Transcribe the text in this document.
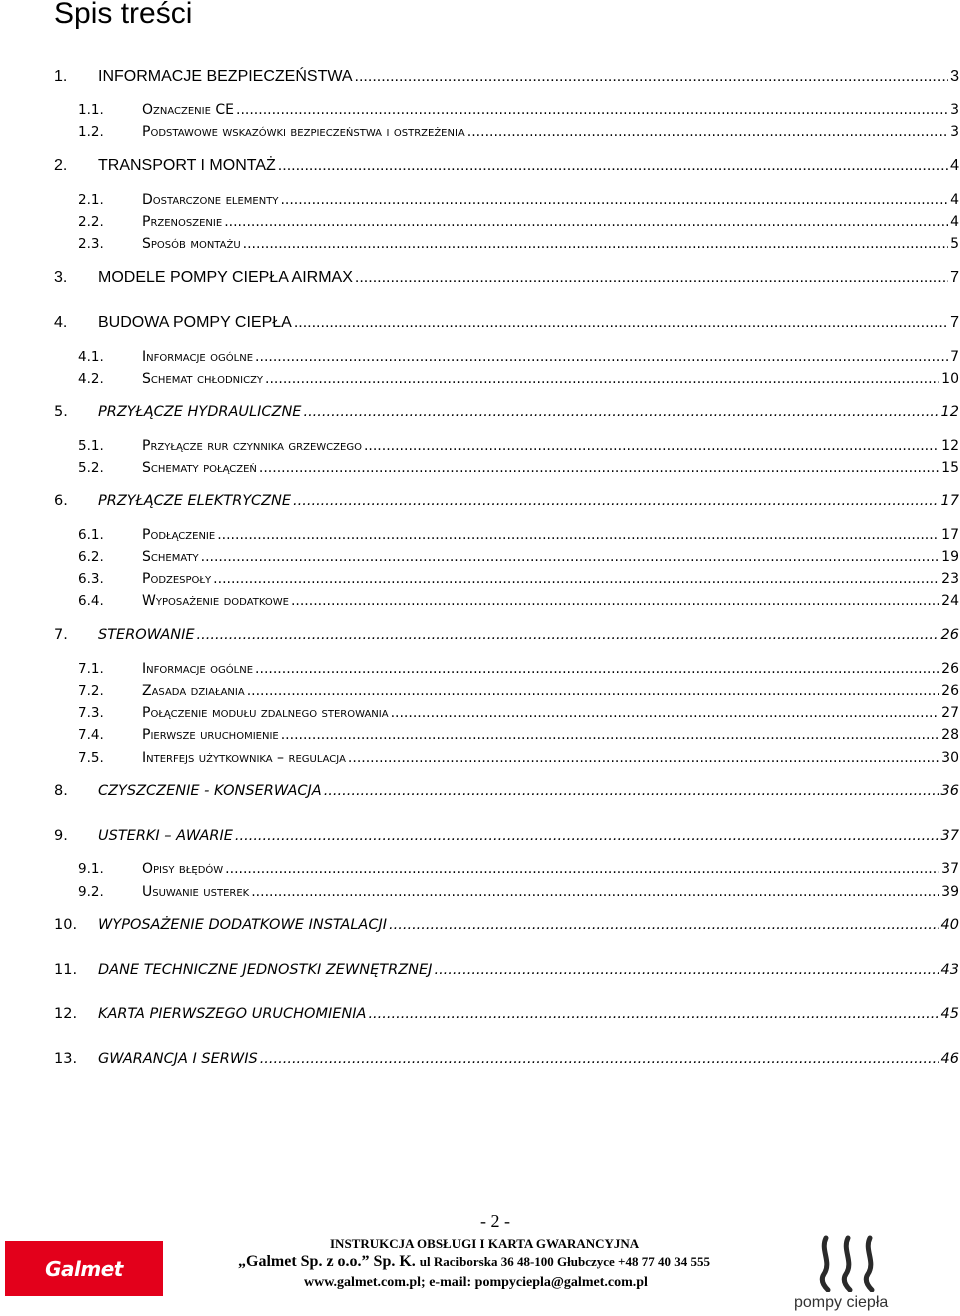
Spis treści
1.	INFORMACJE BEZPIECZEŃSTWA .....	3
1.1.	Oznaczenie CE .....	3
1.2.	Podstawowe wskazówki bezpieczeństwa i ostrzeżenia .....	3
2.	TRANSPORT I MONTAŻ .....	4
2.1.	Dostarczone elementy .....	4
2.2.	Przenoszenie .....	4
2.3.	Sposób montażu .....	5
3.	MODELE POMPY CIEPŁA AIRMAX .....	7
4.	BUDOWA POMPY CIEPŁA .....	7
4.1.	Informacje ogólne .....	7
4.2.	Schemat chłodniczy .....	10
5.	PRZYŁĄCZE HYDRAULICZNE .....	12
5.1.	Przyłącze rur czynnika grzewczego .....	12
5.2.	Schematy połączeń .....	15
6.	PRZYŁĄCZE ELEKTRYCZNE .....	17
6.1.	Podłączenie .....	17
6.2.	Schematy .....	19
6.3.	Podzespoły .....	23
6.4.	Wyposażenie dodatkowe .....	24
7.	STEROWANIE .....	26
7.1.	Informacje ogólne .....	26
7.2.	Zasada działania .....	26
7.3.	Połączenie modułu zdalnego sterowania .....	27
7.4.	Pierwsze uruchomienie .....	28
7.5.	Interfejs użytkownika – regulacja .....	30
8.	CZYSZCZENIE - KONSERWACJA .....	36
9.	USTERKI – AWARIE .....	37
9.1.	Opisy błędów .....	37
9.2.	Usuwanie usterek .....	39
10.	WYPOSAŻENIE DODATKOWE INSTALACJI .....	40
11.	DANE TECHNICZNE JEDNOSTKI ZEWNĘTRZNEJ .....	43
12.	KARTA PIERWSZEGO URUCHOMIENIA .....	45
13.	GWARANCJA I SERWIS .....	46
- 2 -
INSTRUKCJA OBSŁUGI I KARTA GWARANCYJNA
„Galmet Sp. z o.o.” Sp. K. ul Raciborska 36 48-100 Głubczyce +48 77 40 34 555
www.galmet.com.pl; e-mail: pompyciepla@galmet.com.pl
Galmet
pompy ciepła
